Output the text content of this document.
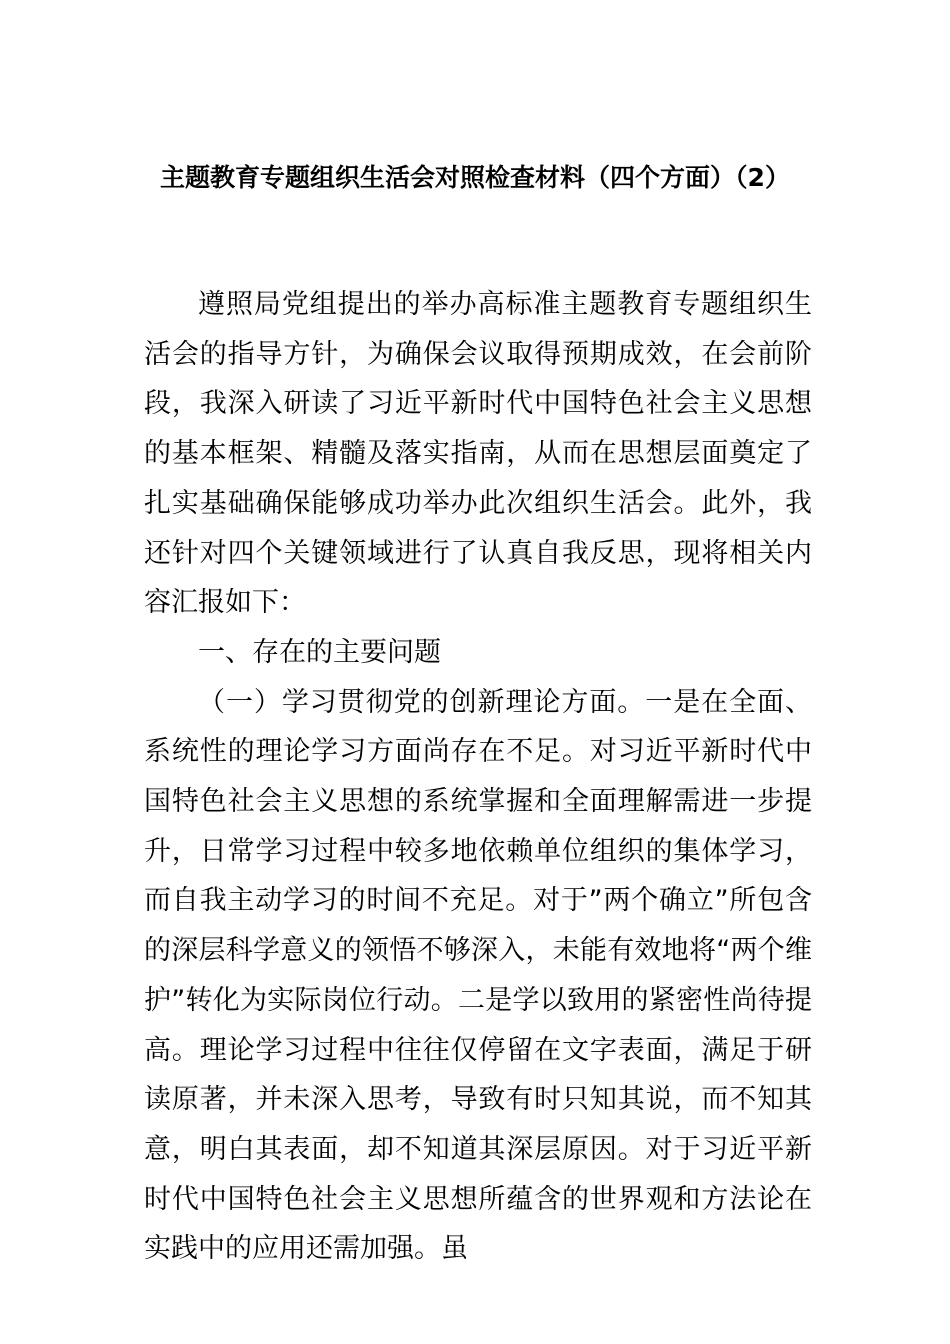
主题教育专题组织生活会对照检查材料（四个方面）（2）

遵照局党组提出的举办高标准主题教育专题组织生活会的指导方针，为确保会议取得预期成效，在会前阶段，我深入研读了习近平新时代中国特色社会主义思想的基本框架、精髓及落实指南，从而在思想层面奠定了扎实基础确保能够成功举办此次组织生活会。此外，我还针对四个关键领域进行了认真自我反思，现将相关内容汇报如下：

一、存在的主要问题

（一）学习贯彻党的创新理论方面。一是在全面、系统性的理论学习方面尚存在不足。对习近平新时代中国特色社会主义思想的系统掌握和全面理解需进一步提升，日常学习过程中较多地依赖单位组织的集体学习，而自我主动学习的时间不充足。对于”两个确立”所包含的深层科学意义的领悟不够深入，未能有效地将“两个维护”转化为实际岗位行动。二是学以致用的紧密性尚待提高。理论学习过程中往往仅停留在文字表面，满足于研读原著，并未深入思考，导致有时只知其说，而不知其意，明白其表面，却不知道其深层原因。对于习近平新时代中国特色社会主义思想所蕴含的世界观和方法论在实践中的应用还需加强。虽
